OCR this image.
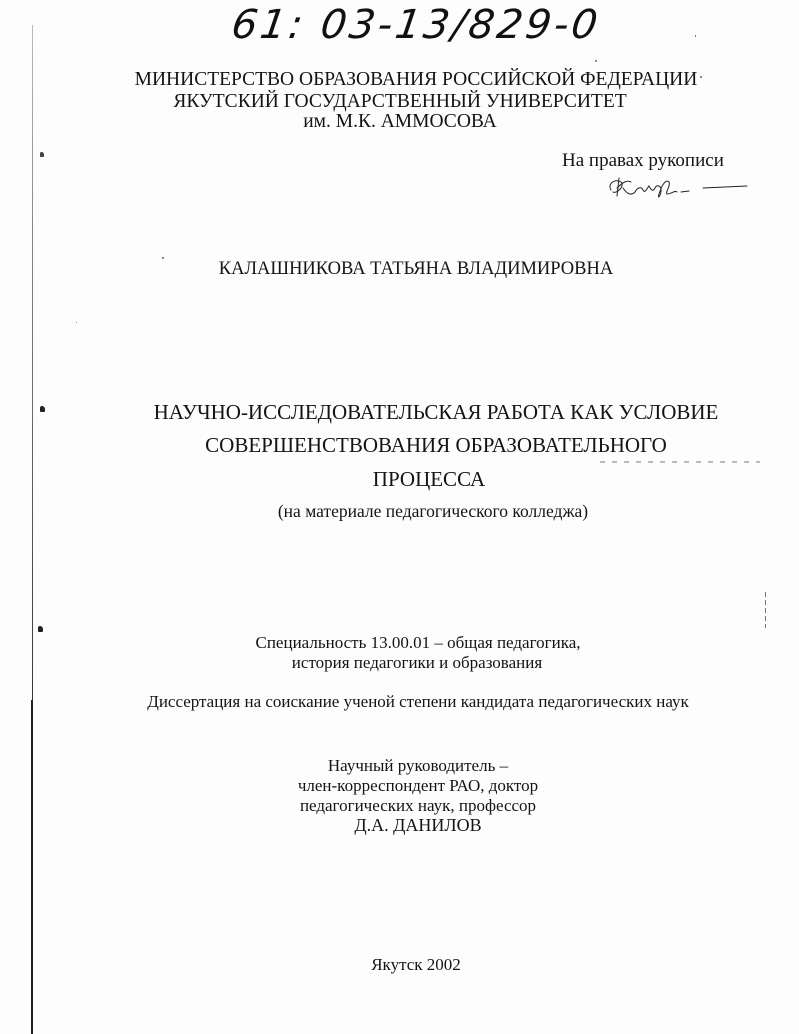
61: 03-13/829-0
МИНИСТЕРСТВО ОБРАЗОВАНИЯ РОССИЙСКОЙ ФЕДЕРАЦИИ
ЯКУТСКИЙ ГОСУДАРСТВЕННЫЙ УНИВЕРСИТЕТ
им. М.К. АММОСОВА
На правах рукописи
КАЛАШНИКОВА ТАТЬЯНА ВЛАДИМИРОВНА
НАУЧНО-ИССЛЕДОВАТЕЛЬСКАЯ РАБОТА КАК УСЛОВИЕ
СОВЕРШЕНСТВОВАНИЯ ОБРАЗОВАТЕЛЬНОГО
ПРОЦЕССА
(на материале педагогического колледжа)
Специальность 13.00.01 – общая педагогика,
история педагогики и образования
Диссертация на соискание ученой степени кандидата педагогических наук
Научный руководитель –
член-корреспондент РАО, доктор
педагогических наук, профессор
Д.А. ДАНИЛОВ
Якутск 2002
